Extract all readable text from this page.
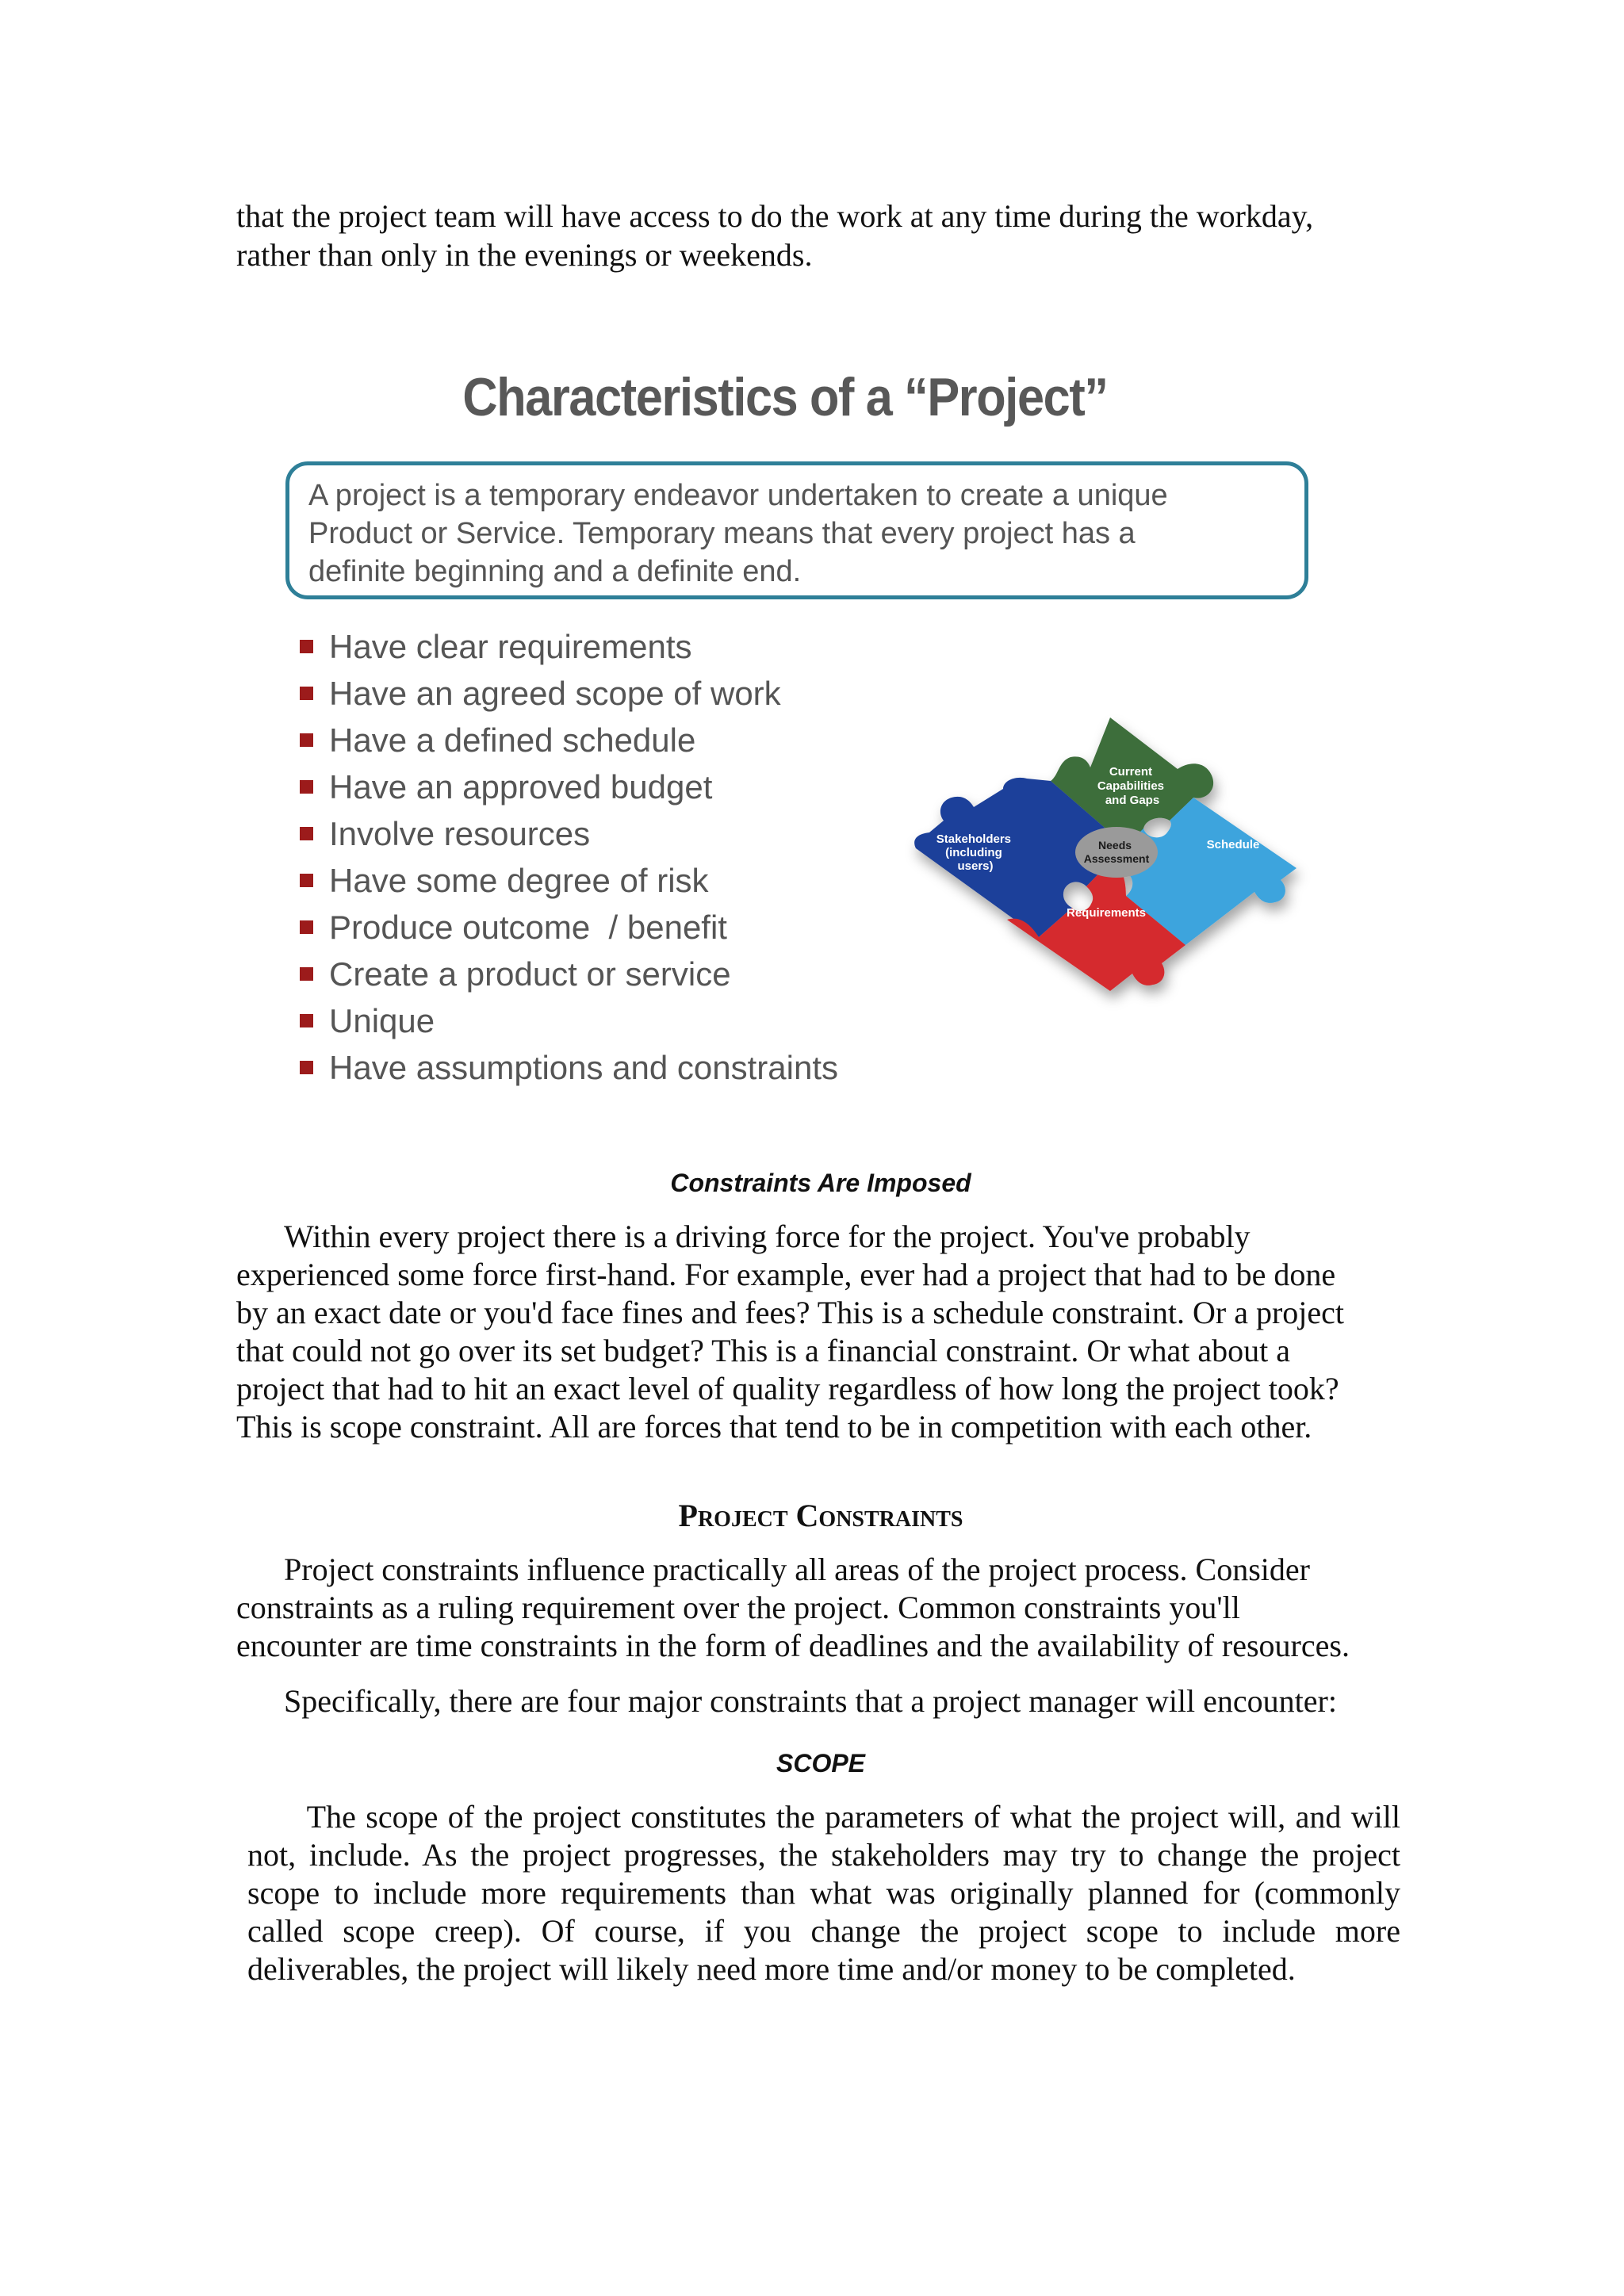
that the project team will have access to do the work at any time during the workday,
rather than only in the evenings or weekends.
Characteristics of a “Project”
A project is a temporary endeavor undertaken to create a unique
Product or Service. Temporary means that every project has a
definite beginning and a definite end.
Have clear requirements
Have an agreed scope of work
Have a defined schedule
Have an approved budget
Involve resources
Have some degree of risk
Produce outcome  / benefit
Create a product or service
Unique
Have assumptions and constraints
Current Capabilities and Gaps
Stakeholders (including users)
Schedule
Requirements
Needs Assessment
Constraints Are Imposed
Within every project there is a driving force for the project. You've probably
experienced some force first-hand. For example, ever had a project that had to be done
by an exact date or you'd face fines and fees? This is a schedule constraint. Or a project
that could not go over its set budget? This is a financial constraint. Or what about a
project that had to hit an exact level of quality regardless of how long the project took?
This is scope constraint. All are forces that tend to be in competition with each other.
Project Constraints
Project constraints influence practically all areas of the project process. Consider
constraints as a ruling requirement over the project. Common constraints you'll
encounter are time constraints in the form of deadlines and the availability of resources.
Specifically, there are four major constraints that a project manager will encounter:
SCOPE
The scope of the project constitutes the parameters of what the project will, and will
not, include. As the project progresses, the stakeholders may try to change the project
scope to include more requirements than what was originally planned for (commonly
called scope creep). Of course, if you change the project scope to include more
deliverables, the project will likely need more time and/or money to be completed.
